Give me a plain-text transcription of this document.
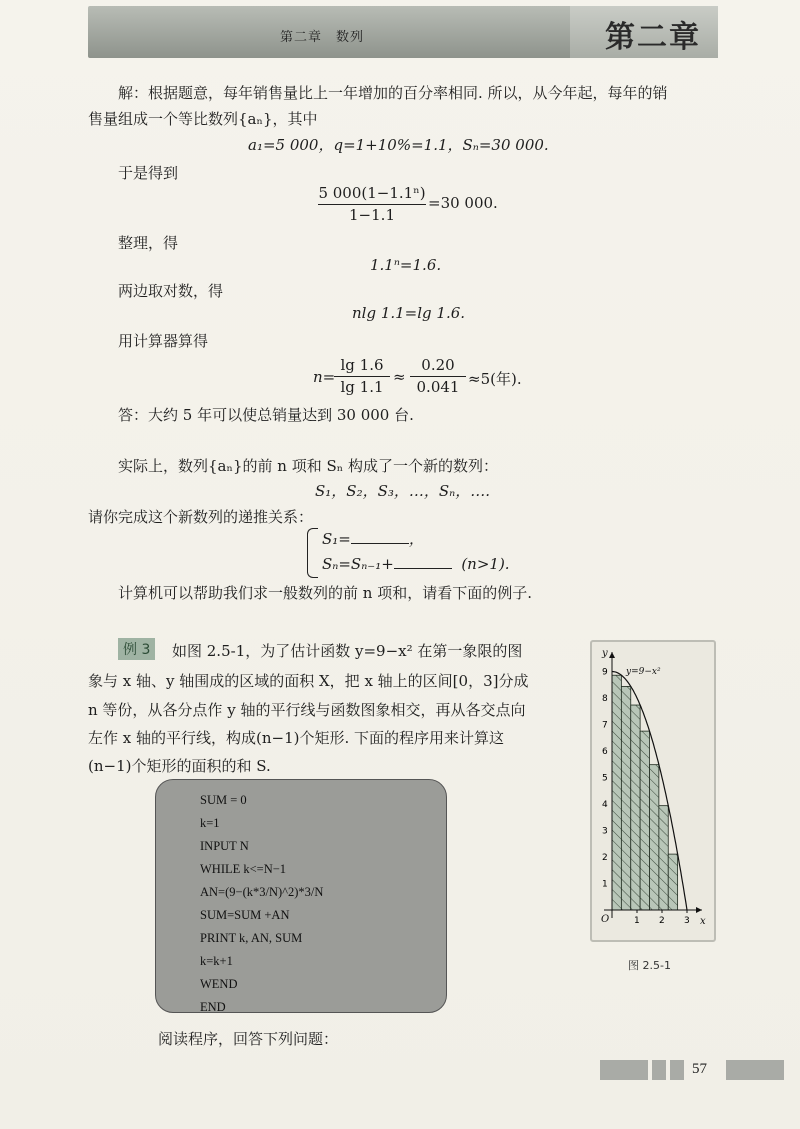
第二章　数列	第二章
解：根据题意，每年销售量比上一年增加的百分率相同. 所以，从今年起，每年的销
售量组成一个等比数列{aₙ}，其中
a₁=5 000，q=1+10%=1.1，Sₙ=30 000.
于是得到
5 000(1−1.1ⁿ)
1−1.1
=30 000.
整理，得
1.1ⁿ=1.6.
两边取对数，得
nlg 1.1=lg 1.6.
用计算器算得
n=
lg 1.6
lg 1.1
≈
0.20
0.041 ≈5(年).
答：大约 5 年可以使总销量达到 30 000 台.
实际上，数列{aₙ}的前 n 项和 Sₙ 构成了一个新的数列：
S₁，S₂，S₃，…，Sₙ，….
请你完成这个新数列的递推关系：
S₁=	，
Sₙ=Sₙ₋₁+	(n>1).
计算机可以帮助我们求一般数列的前 n 项和，请看下面的例子.
例 3	如图 2.5-1，为了估计函数 y=9−x² 在第一象限的图
象与 x 轴、y 轴围成的区域的面积 X，把 x 轴上的区间[0，3]分成
n 等份，从各分点作 y 轴的平行线与函数图象相交，再从各交点向
左作 x 轴的平行线，构成(n−1)个矩形. 下面的程序用来计算这
(n−1)个矩形的面积的和 S.
SUM = 0
k=1
INPUT N
WHILE k<=N−1
AN=(9−(k*3/N)^2)*3/N
SUM=SUM +AN
PRINT k, AN, SUM
k=k+1
WEND
END
1 2 3
1
2
3
4
5
6
7
8
9 y=9−x²
x
y
O
图 2.5-1
阅读程序，回答下列问题：
57
